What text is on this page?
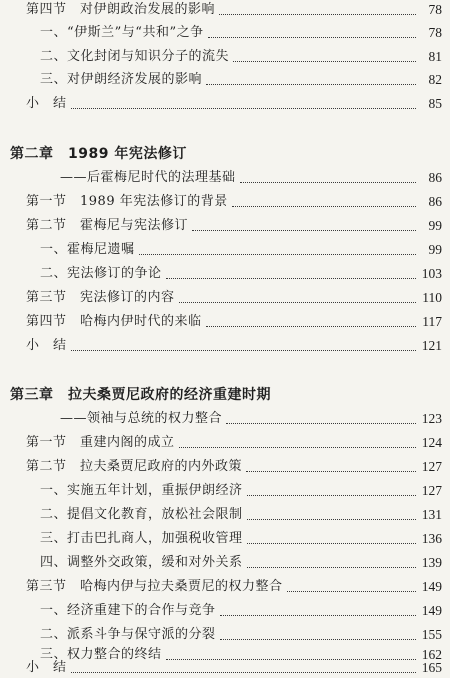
第四节　对伊朗政治发展的影响	78
一、“伊斯兰”与“共和”之争	78
二、文化封闭与知识分子的流失	81
三、对伊朗经济发展的影响	82
小　结	85
第二章　1989 年宪法修订
——后霍梅尼时代的法理基础	86
第一节　1989 年宪法修订的背景	86
第二节　霍梅尼与宪法修订	99
一、霍梅尼遗嘱	99
二、宪法修订的争论	103
第三节　宪法修订的内容	110
第四节　哈梅内伊时代的来临	117
小　结	121
第三章　拉夫桑贾尼政府的经济重建时期
——领袖与总统的权力整合	123
第一节　重建内阁的成立	124
第二节　拉夫桑贾尼政府的内外政策	127
一、实施五年计划，重振伊朗经济	127
二、提倡文化教育，放松社会限制	131
三、打击巴扎商人，加强税收管理	136
四、调整外交政策，缓和对外关系	139
第三节　哈梅内伊与拉夫桑贾尼的权力整合	149
一、经济重建下的合作与竞争	149
二、派系斗争与保守派的分裂	155
三、权力整合的终结	162
小　结	165
